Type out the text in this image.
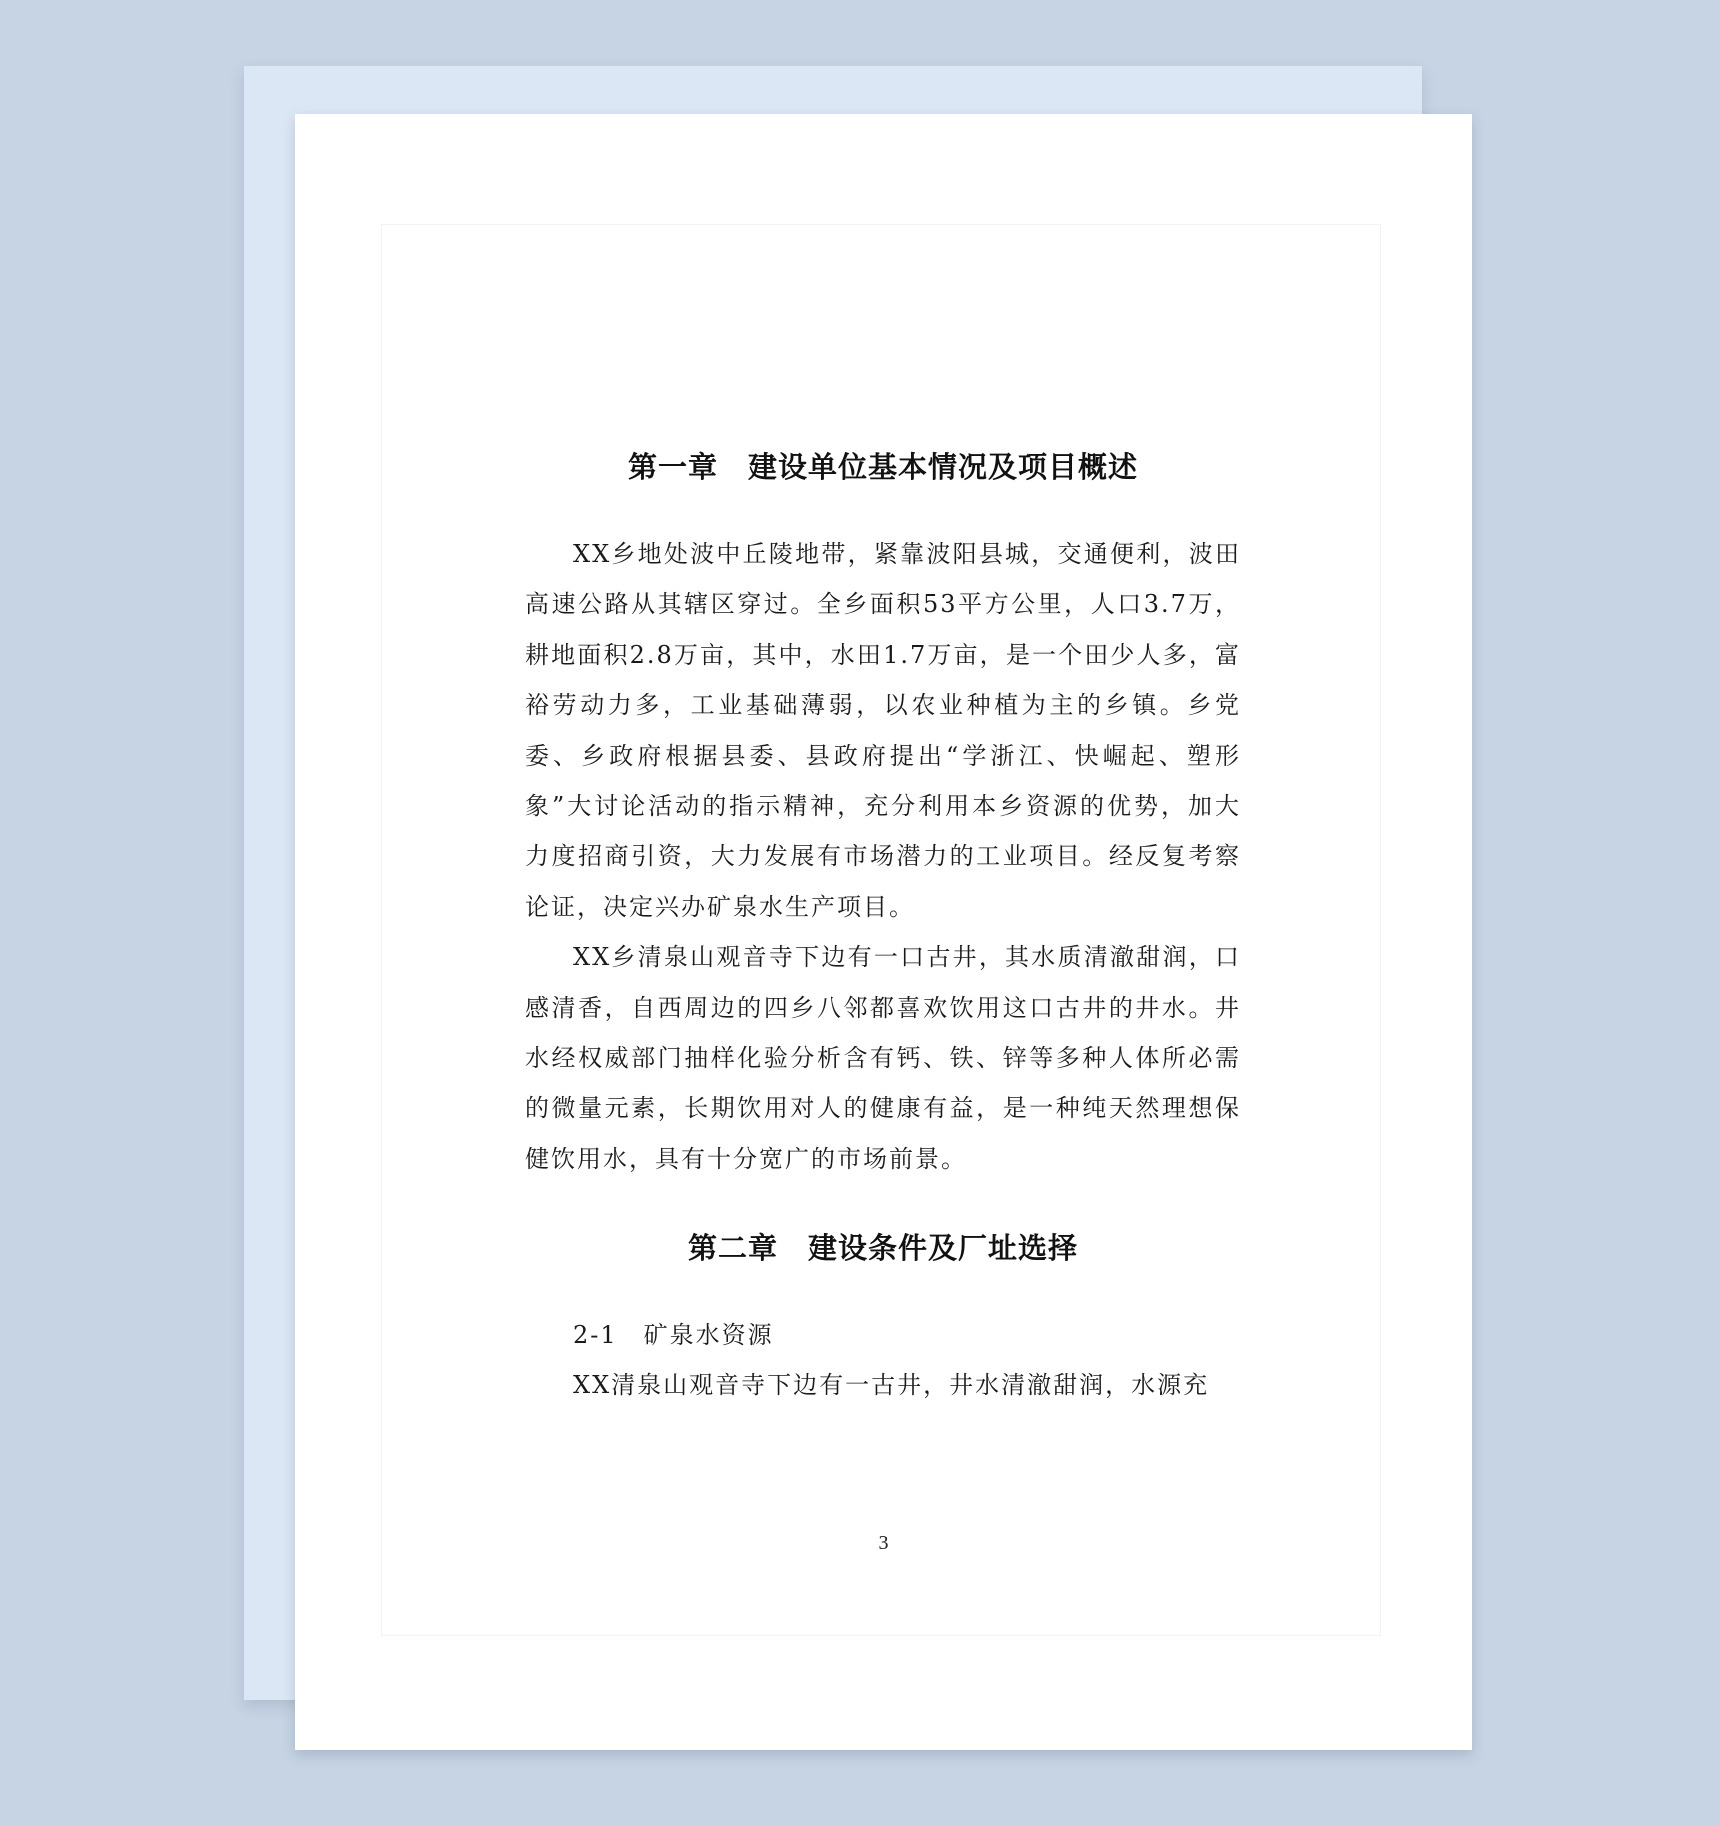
第一章　建设单位基本情况及项目概述

XX乡地处波中丘陵地带，紧靠波阳县城，交通便利，波田高速公路从其辖区穿过。全乡面积53平方公里，人口3.7万，耕地面积2.8万亩，其中，水田1.7万亩，是一个田少人多，富裕劳动力多，工业基础薄弱，以农业种植为主的乡镇。乡党委、乡政府根据县委、县政府提出“学浙江、快崛起、塑形象”大讨论活动的指示精神，充分利用本乡资源的优势，加大力度招商引资，大力发展有市场潜力的工业项目。经反复考察论证，决定兴办矿泉水生产项目。

XX乡清泉山观音寺下边有一口古井，其水质清澈甜润，口感清香，自西周边的四乡八邻都喜欢饮用这口古井的井水。井水经权威部门抽样化验分析含有钙、铁、锌等多种人体所必需的微量元素，长期饮用对人的健康有益，是一种纯天然理想保健饮用水，具有十分宽广的市场前景。

第二章　建设条件及厂址选择

2-1　矿泉水资源

XX清泉山观音寺下边有一古井，井水清澈甜润，水源充

3
